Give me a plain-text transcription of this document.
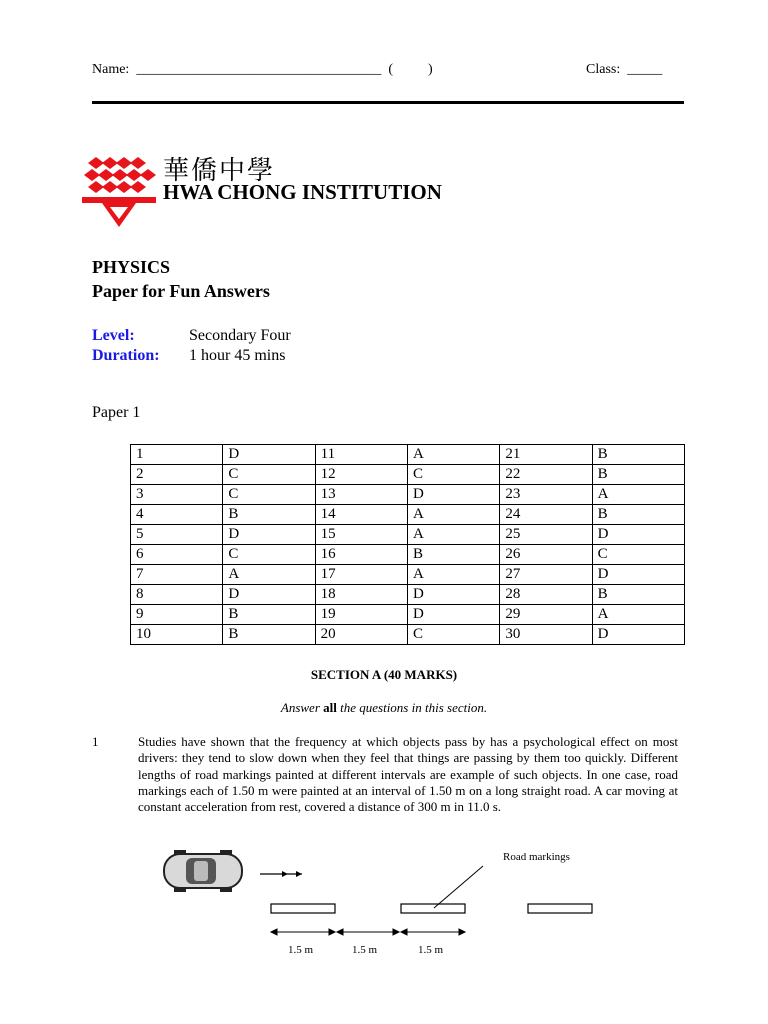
Name: ___________________________________ (          )	Class: _____
華僑中學
HWA CHONG INSTITUTION
PHYSICS
Paper for Fun Answers
Level:	Secondary Four
Duration: 1 hour 45 mins
Paper 1
1	D	11	A	21	B
2	C	12	C	22	B
3	C	13	D	23	A
4	B	14	A	24	B
5	D	15	A	25	D
6	C	16	B	26	C
7	A	17	A	27	D
8	D	18	D	28	B
9	B	19	D	29	A
10	B	20	C	30	D
SECTION A (40 MARKS)
Answer all the questions in this section.
1	Studies have shown that the frequency at which objects pass by has a psychological effect on most drivers: they tend to slow down when they feel that things are passing by them too quickly. Different lengths of road markings painted at different intervals are example of such objects. In one case, road markings each of 1.50 m were painted at an interval of 1.50 m on a long straight road. A car moving at constant acceleration from rest, covered a distance of 300 m in 11.0 s.
Road markings
1.5 m	1.5 m	1.5 m
